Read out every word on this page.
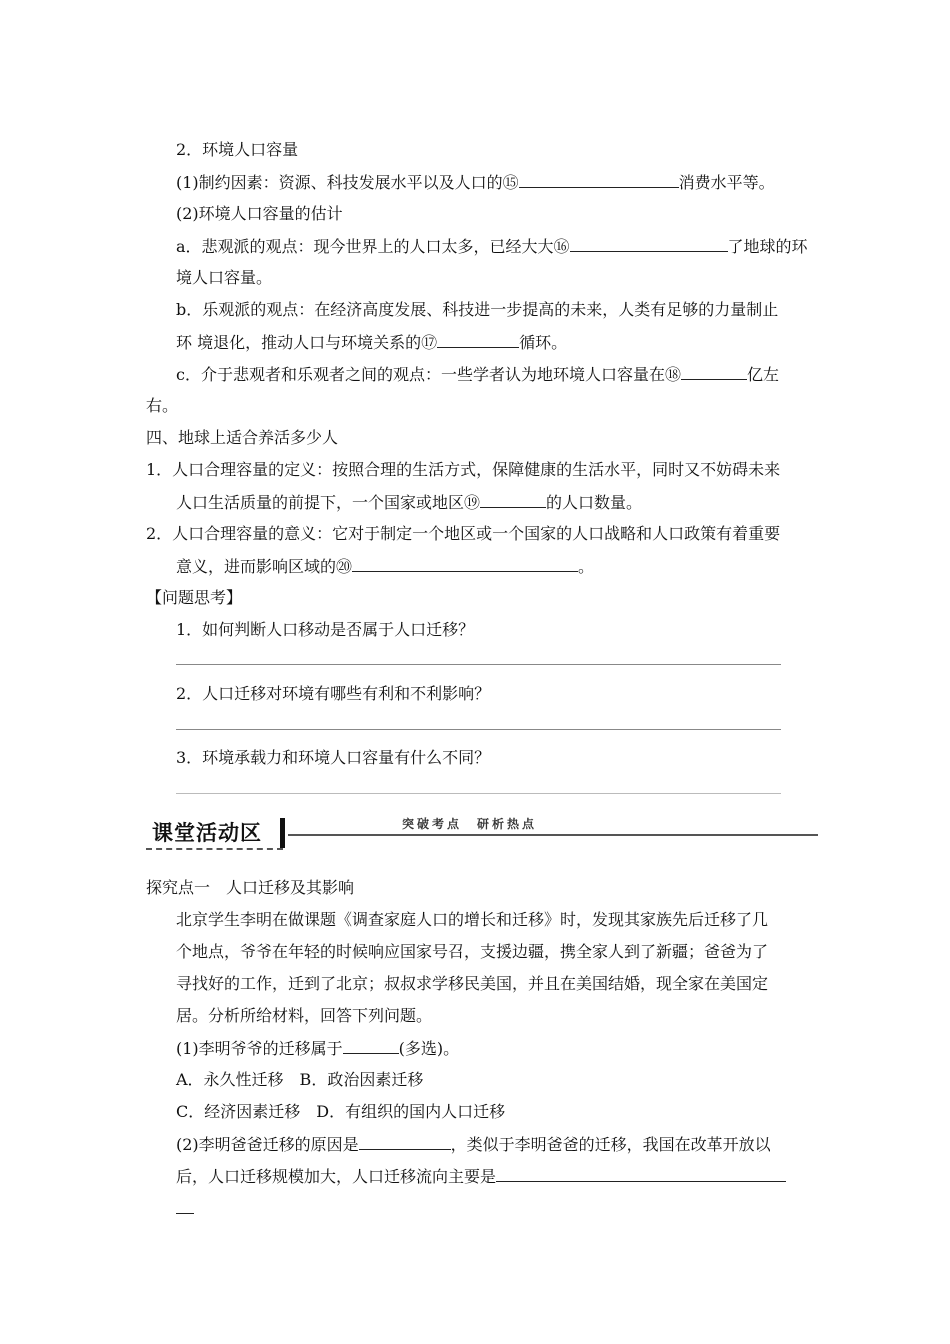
2．环境人口容量
(1)制约因素：资源、科技发展水平以及人口的⑮	消费水平等。
(2)环境人口容量的估计
a．悲观派的观点：现今世界上的人口太多，已经大大⑯	了地球的环
境人口容量。
b．乐观派的观点：在经济高度发展、科技进一步提高的未来，人类有足够的力量制止
环 境退化，推动人口与环境关系的⑰	循环。
c．介于悲观者和乐观者之间的观点：一些学者认为地环境人口容量在⑱	亿左
右。
四、地球上适合养活多少人
1．人口合理容量的定义：按照合理的生活方式，保障健康的生活水平，同时又不妨碍未来
人口生活质量的前提下，一个国家或地区⑲	的人口数量。
2．人口合理容量的意义：它对于制定一个地区或一个国家的人口战略和人口政策有着重要
意义，进而影响区域的⑳	。
【问题思考】
1．如何判断人口移动是否属于人口迁移？
2．人口迁移对环境有哪些有利和不利影响？
3．环境承载力和环境人口容量有什么不同？
课堂活动区	突破考点　研析热点
探究点一　人口迁移及其影响
北京学生李明在做课题《调查家庭人口的增长和迁移》时，发现其家族先后迁移了几
个地点，爷爷在年轻的时候响应国家号召，支援边疆，携全家人到了新疆；爸爸为了
寻找好的工作，迁到了北京；叔叔求学移民美国，并且在美国结婚，现全家在美国定
居。分析所给材料，回答下列问题。
(1)李明爷爷的迁移属于	(多选)。
A．永久性迁移　B．政治因素迁移
C．经济因素迁移　D．有组织的国内人口迁移
(2)李明爸爸迁移的原因是	，类似于李明爸爸的迁移，我国在改革开放以
后，人口迁移规模加大，人口迁移流向主要是
